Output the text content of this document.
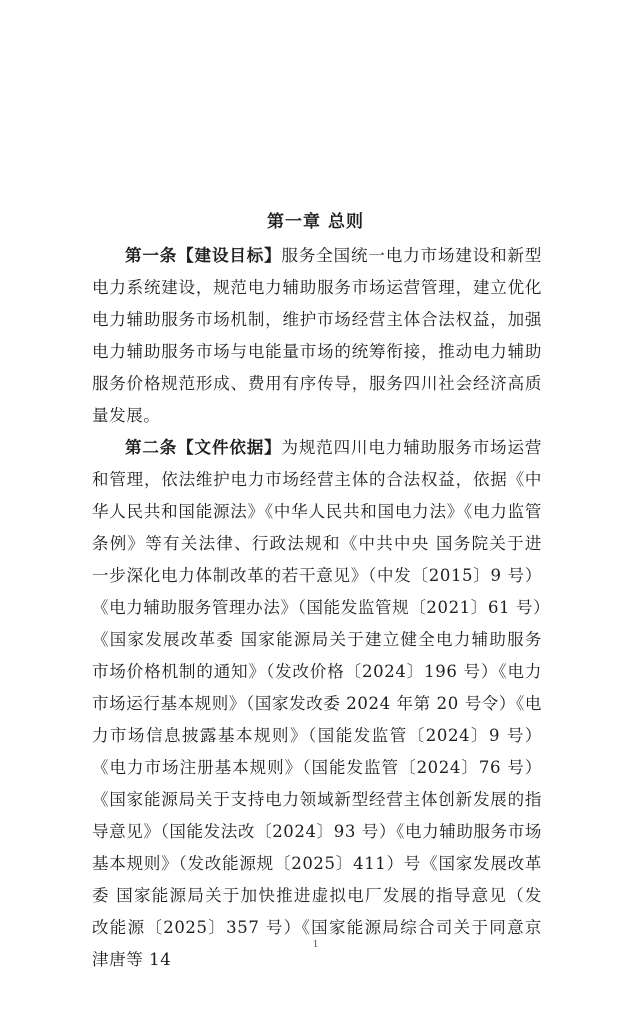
第一章 总则

第一条【建设目标】服务全国统一电力市场建设和新型电力系统建设，规范电力辅助服务市场运营管理，建立优化电力辅助服务市场机制，维护市场经营主体合法权益，加强电力辅助服务市场与电能量市场的统筹衔接，推动电力辅助服务价格规范形成、费用有序传导，服务四川社会经济高质量发展。

第二条【文件依据】为规范四川电力辅助服务市场运营和管理，依法维护电力市场经营主体的合法权益，依据《中华人民共和国能源法》《中华人民共和国电力法》《电力监管条例》等有关法律、行政法规和《中共中央 国务院关于进一步深化电力体制改革的若干意见》（中发〔2015〕9 号）《电力辅助服务管理办法》（国能发监管规〔2021〕61 号）《国家发展改革委 国家能源局关于建立健全电力辅助服务市场价格机制的通知》（发改价格〔2024〕196 号）《电力市场运行基本规则》（国家发改委 2024 年第 20 号令）《电力市场信息披露基本规则》（国能发监管〔2024〕9 号）《电力市场注册基本规则》（国能发监管〔2024〕76 号）《国家能源局关于支持电力领域新型经营主体创新发展的指导意见》（国能发法改〔2024〕93 号）《电力辅助服务市场基本规则》（发改能源规〔2025〕411）号《国家发展改革委 国家能源局关于加快推进虚拟电厂发展的指导意见（发改能源〔2025〕357 号）《国家能源局综合司关于同意京津唐等 14

1
